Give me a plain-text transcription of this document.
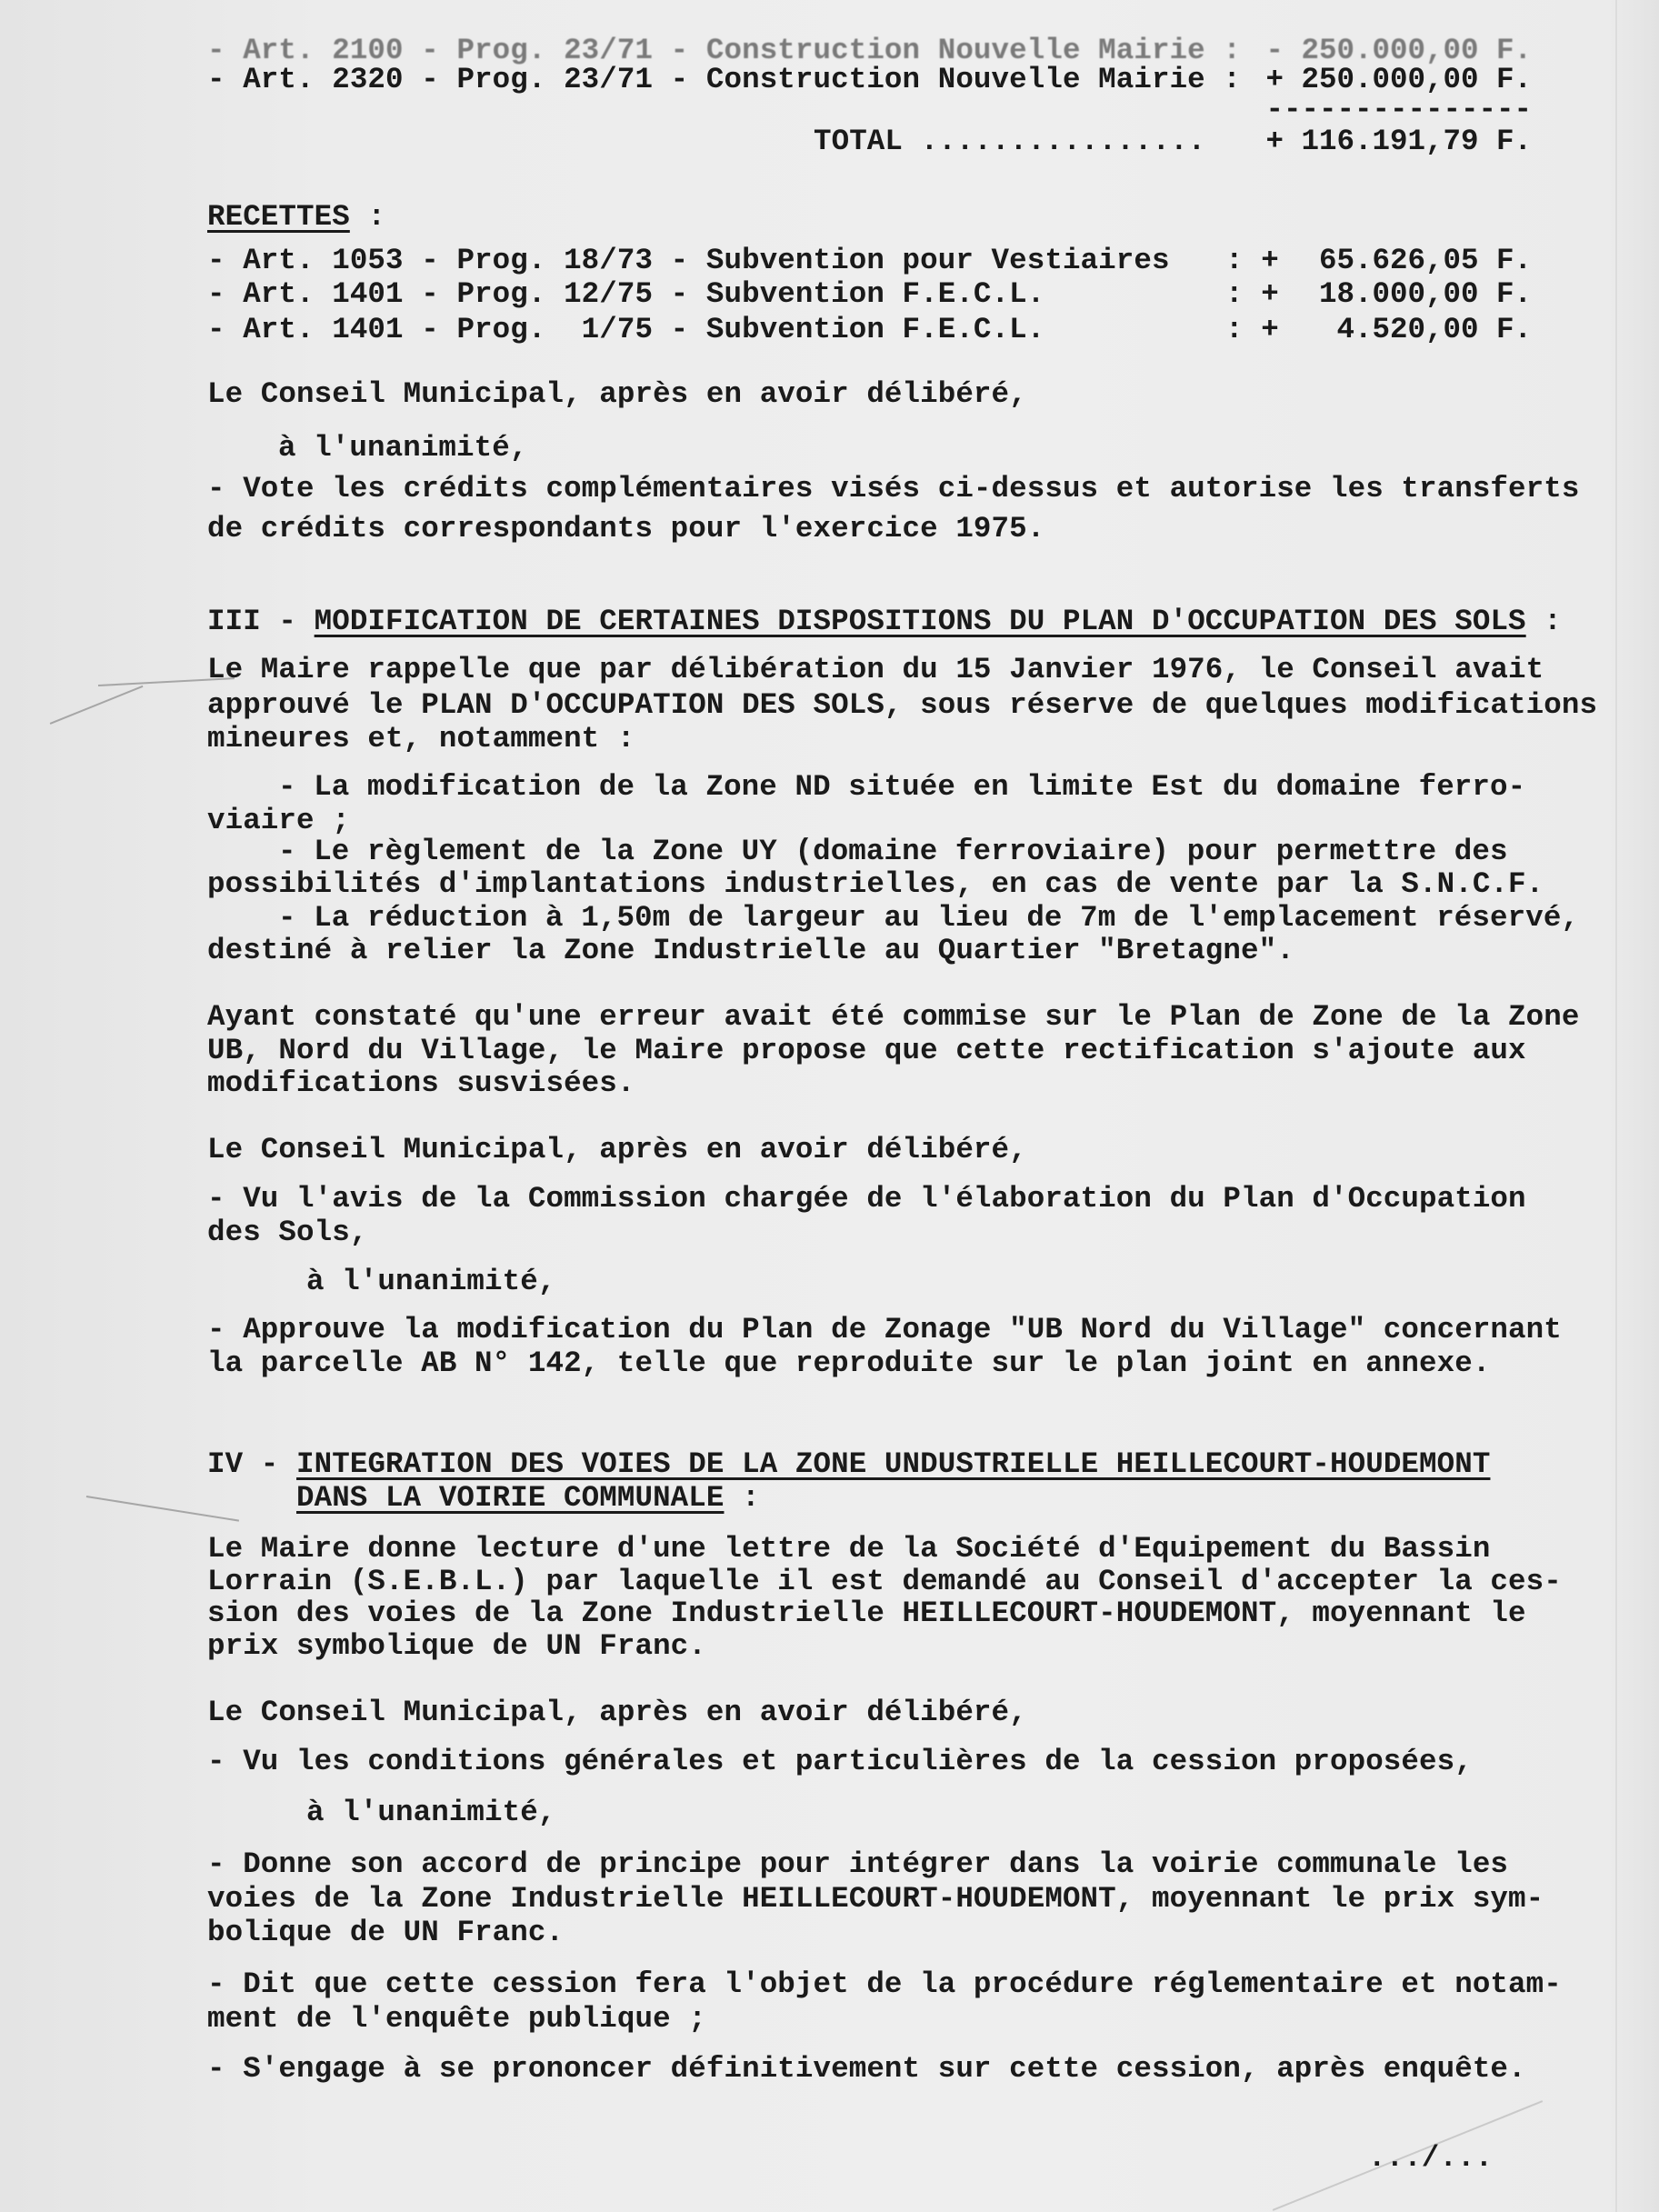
- Art. 2100 - Prog. 23/71 - Construction Nouvelle Mairie : - 250.000,00 F.
- Art. 2320 - Prog. 23/71 - Construction Nouvelle Mairie : + 250.000,00 F.
---------------
TOTAL ................ + 116.191,79 F.
RECETTES :
- Art. 1053 - Prog. 18/73 - Subvention pour Vestiaires : + 65.626,05 F.
- Art. 1401 - Prog. 12/75 - Subvention F.E.C.L.	: + 18.000,00 F.
- Art. 1401 - Prog.  1/75 - Subvention F.E.C.L.	: + 4.520,00 F.
Le Conseil Municipal, après en avoir délibéré,
à l'unanimité,
- Vote les crédits complémentaires visés ci-dessus et autorise les transferts
de crédits correspondants pour l'exercice 1975.
III - MODIFICATION DE CERTAINES DISPOSITIONS DU PLAN D'OCCUPATION DES SOLS :
Le Maire rappelle que par délibération du 15 Janvier 1976, le Conseil avait
approuvé le PLAN D'OCCUPATION DES SOLS, sous réserve de quelques modifications
mineures et, notamment :
- La modification de la Zone ND située en limite Est du domaine ferro-
viaire ;
- Le règlement de la Zone UY (domaine ferroviaire) pour permettre des
possibilités d'implantations industrielles, en cas de vente par la S.N.C.F.
- La réduction à 1,50m de largeur au lieu de 7m de l'emplacement réservé,
destiné à relier la Zone Industrielle au Quartier "Bretagne".
Ayant constaté qu'une erreur avait été commise sur le Plan de Zone de la Zone
UB, Nord du Village, le Maire propose que cette rectification s'ajoute aux
modifications susvisées.
Le Conseil Municipal, après en avoir délibéré,
- Vu l'avis de la Commission chargée de l'élaboration du Plan d'Occupation
des Sols,
à l'unanimité,
- Approuve la modification du Plan de Zonage "UB Nord du Village" concernant
la parcelle AB N° 142, telle que reproduite sur le plan joint en annexe.
IV - INTEGRATION DES VOIES DE LA ZONE UNDUSTRIELLE HEILLECOURT-HOUDEMONT
DANS LA VOIRIE COMMUNALE :
Le Maire donne lecture d'une lettre de la Société d'Equipement du Bassin
Lorrain (S.E.B.L.) par laquelle il est demandé au Conseil d'accepter la ces-
sion des voies de la Zone Industrielle HEILLECOURT-HOUDEMONT, moyennant le
prix symbolique de UN Franc.
Le Conseil Municipal, après en avoir délibéré,
- Vu les conditions générales et particulières de la cession proposées,
à l'unanimité,
- Donne son accord de principe pour intégrer dans la voirie communale les
voies de la Zone Industrielle HEILLECOURT-HOUDEMONT, moyennant le prix sym-
bolique de UN Franc.
- Dit que cette cession fera l'objet de la procédure réglementaire et notam-
ment de l'enquête publique ;
- S'engage à se prononcer définitivement sur cette cession, après enquête.
.../...
